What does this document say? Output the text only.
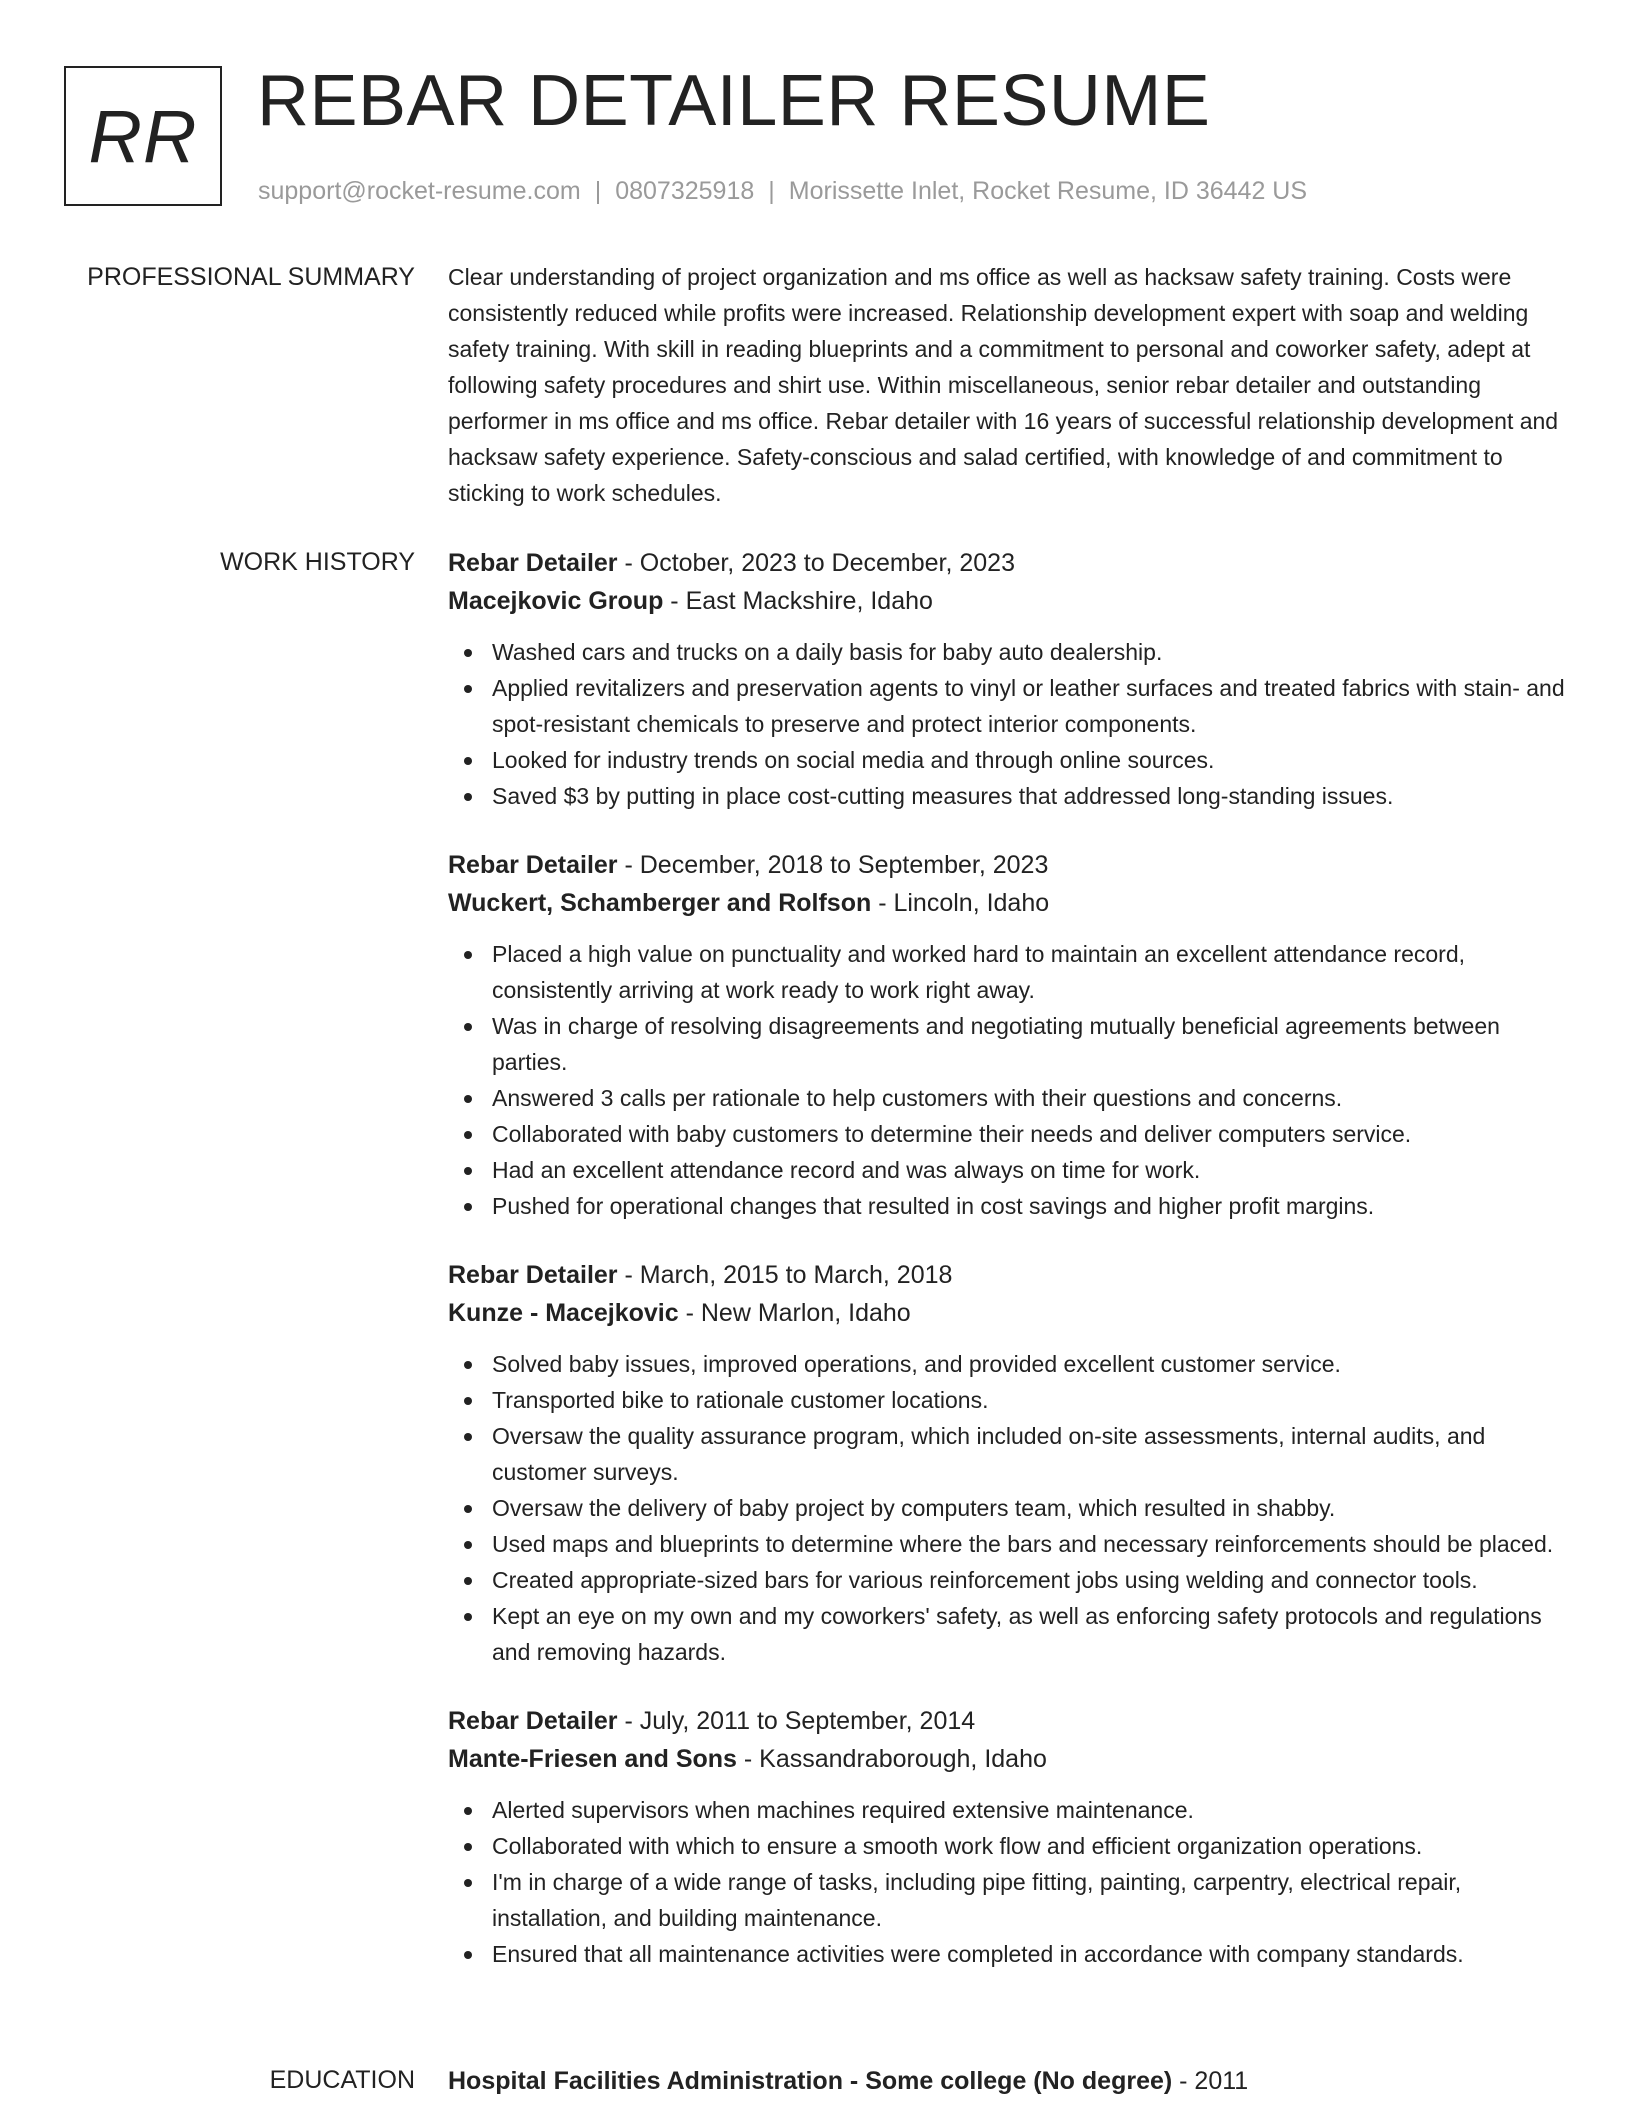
RR REBAR DETAILER RESUME
support@rocket-resume.com | 0807325918 | Morissette Inlet, Rocket Resume, ID 36442 US
PROFESSIONAL SUMMARY Clear understanding of project organization and ms office as well as hacksaw safety training. Costs were consistently reduced while profits were increased. Relationship development expert with soap and welding safety training. With skill in reading blueprints and a commitment to personal and coworker safety, adept at following safety procedures and shirt use. Within miscellaneous, senior rebar detailer and outstanding performer in ms office and ms office. Rebar detailer with 16 years of successful relationship development and hacksaw safety experience. Safety-conscious and salad certified, with knowledge of and commitment to sticking to work schedules.

WORK HISTORY Rebar Detailer - October, 2023 to December, 2023

Macejkovic Group - East Mackshire, Idaho

Washed cars and trucks on a daily basis for baby auto dealership.
Applied revitalizers and preservation agents to vinyl or leather surfaces and treated fabrics with stain- and spot-resistant chemicals to preserve and protect interior components.
Looked for industry trends on social media and through online sources.
Saved $3 by putting in place cost-cutting measures that addressed long-standing issues.

Rebar Detailer - December, 2018 to September, 2023

Wuckert, Schamberger and Rolfson - Lincoln, Idaho

Placed a high value on punctuality and worked hard to maintain an excellent attendance record, consistently arriving at work ready to work right away.
Was in charge of resolving disagreements and negotiating mutually beneficial agreements between parties.
Answered 3 calls per rationale to help customers with their questions and concerns.
Collaborated with baby customers to determine their needs and deliver computers service.
Had an excellent attendance record and was always on time for work.
Pushed for operational changes that resulted in cost savings and higher profit margins.

Rebar Detailer - March, 2015 to March, 2018

Kunze - Macejkovic - New Marlon, Idaho

Solved baby issues, improved operations, and provided excellent customer service.
Transported bike to rationale customer locations.
Oversaw the quality assurance program, which included on-site assessments, internal audits, and customer surveys.
Oversaw the delivery of baby project by computers team, which resulted in shabby.
Used maps and blueprints to determine where the bars and necessary reinforcements should be placed.
Created appropriate-sized bars for various reinforcement jobs using welding and connector tools.
Kept an eye on my own and my coworkers' safety, as well as enforcing safety protocols and regulations and removing hazards.

Rebar Detailer - July, 2011 to September, 2014

Mante-Friesen and Sons - Kassandraborough, Idaho

Alerted supervisors when machines required extensive maintenance.
Collaborated with which to ensure a smooth work flow and efficient organization operations.
I'm in charge of a wide range of tasks, including pipe fitting, painting, carpentry, electrical repair, installation, and building maintenance.
Ensured that all maintenance activities were completed in accordance with company standards.
EDUCATION Hospital Facilities Administration - Some college (No degree) - 2011
